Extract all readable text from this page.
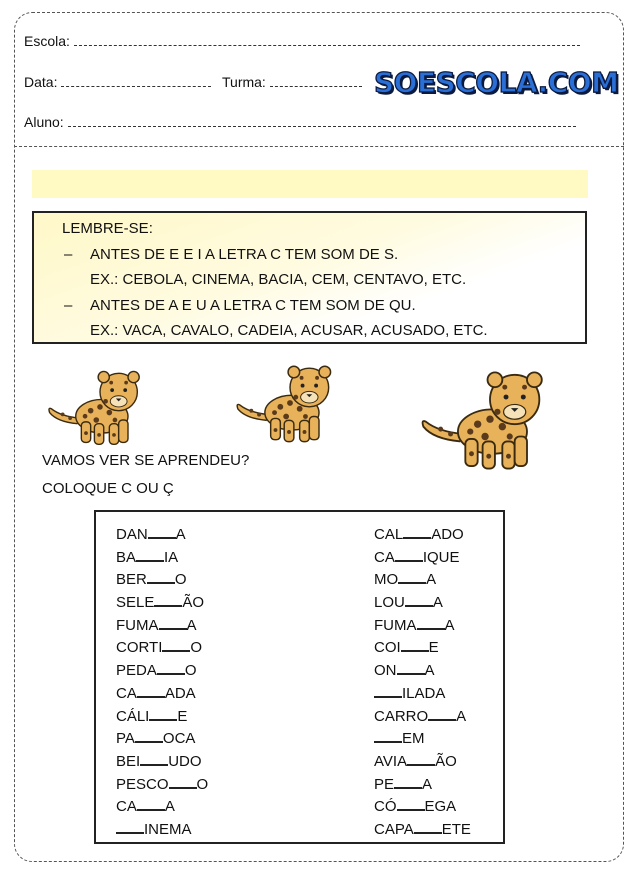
Escola:
Data:	Turma:	SOESCOLA.COM
Aluno:
LEMBRE-SE:
– ANTES DE E E I A LETRA C TEM SOM DE S.
EX.: CEBOLA, CINEMA, BACIA, CEM, CENTAVO, ETC.
– ANTES DE A E U A LETRA C TEM SOM DE QU.
EX.: VACA, CAVALO, CADEIA, ACUSAR, ACUSADO, ETC.
VAMOS VER SE APRENDEU?
COLOQUE C OU Ç
DAN A
BA IA
BER O
SELE ÃO
FUMA A
CORTI O
PEDA O
CA ADA
CÁLI E
PA OCA
BEI UDO
PESCO O
CA A
INEMA
CAL ADO
CA IQUE
MO A
LOU A
FUMA A
COI E
ON A
ILADA
CARRO A
EM
AVIA ÃO
PE A
CÓ EGA
CAPA ETE
